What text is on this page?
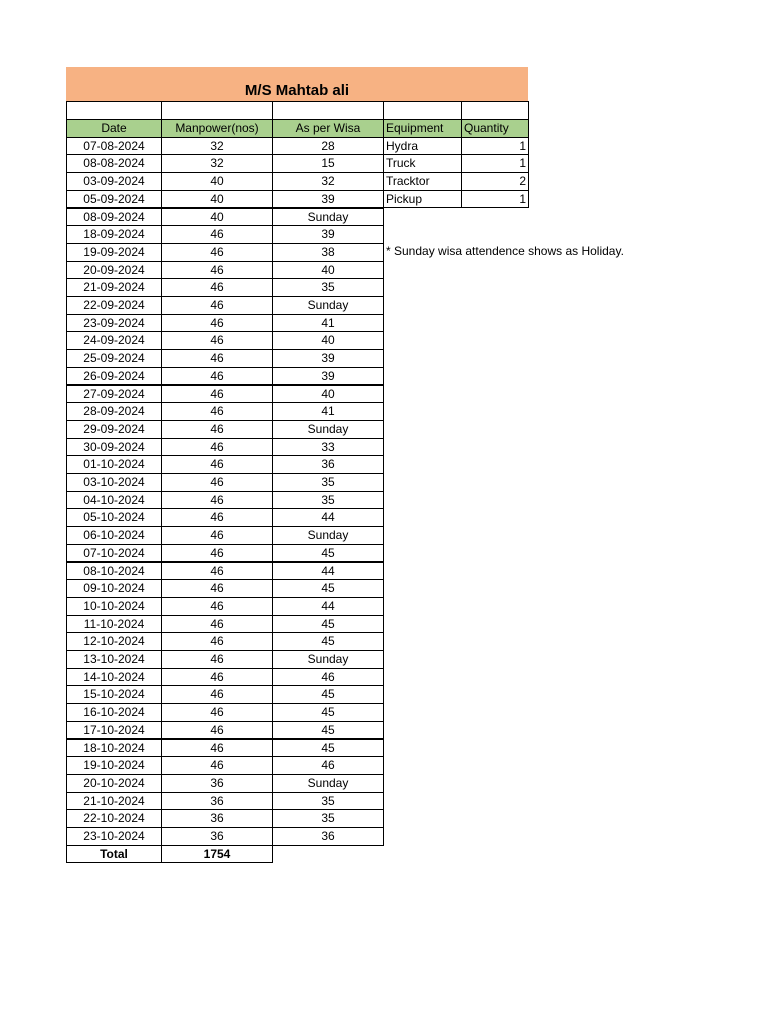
M/S Mahtab ali
Date	Manpower(nos)	As per Wisa	Equipment	Quantity
07-08-2024	32	28
08-08-2024	32	15
03-09-2024	40	32
05-09-2024	40	39
08-09-2024	40	Sunday
18-09-2024	46	39
19-09-2024	46	38
20-09-2024	46	40
21-09-2024	46	35
22-09-2024	46	Sunday
23-09-2024	46	41
24-09-2024	46	40
25-09-2024	46	39
26-09-2024	46	39
27-09-2024	46	40
28-09-2024	46	41
29-09-2024	46	Sunday
30-09-2024	46	33
01-10-2024	46	36
03-10-2024	46	35
04-10-2024	46	35
05-10-2024	46	44
06-10-2024	46	Sunday
07-10-2024	46	45
08-10-2024	46	44
09-10-2024	46	45
10-10-2024	46	44
11-10-2024	46	45
12-10-2024	46	45
13-10-2024	46	Sunday
14-10-2024	46	46
15-10-2024	46	45
16-10-2024	46	45
17-10-2024	46	45
18-10-2024	46	45
19-10-2024	46	46
20-10-2024	36	Sunday
21-10-2024	36	35
22-10-2024	36	35
23-10-2024	36	36
Hydra	1
Truck	1
Tracktor	2
Pickup	1
Total	1754
* Sunday wisa attendence shows as Holiday.
